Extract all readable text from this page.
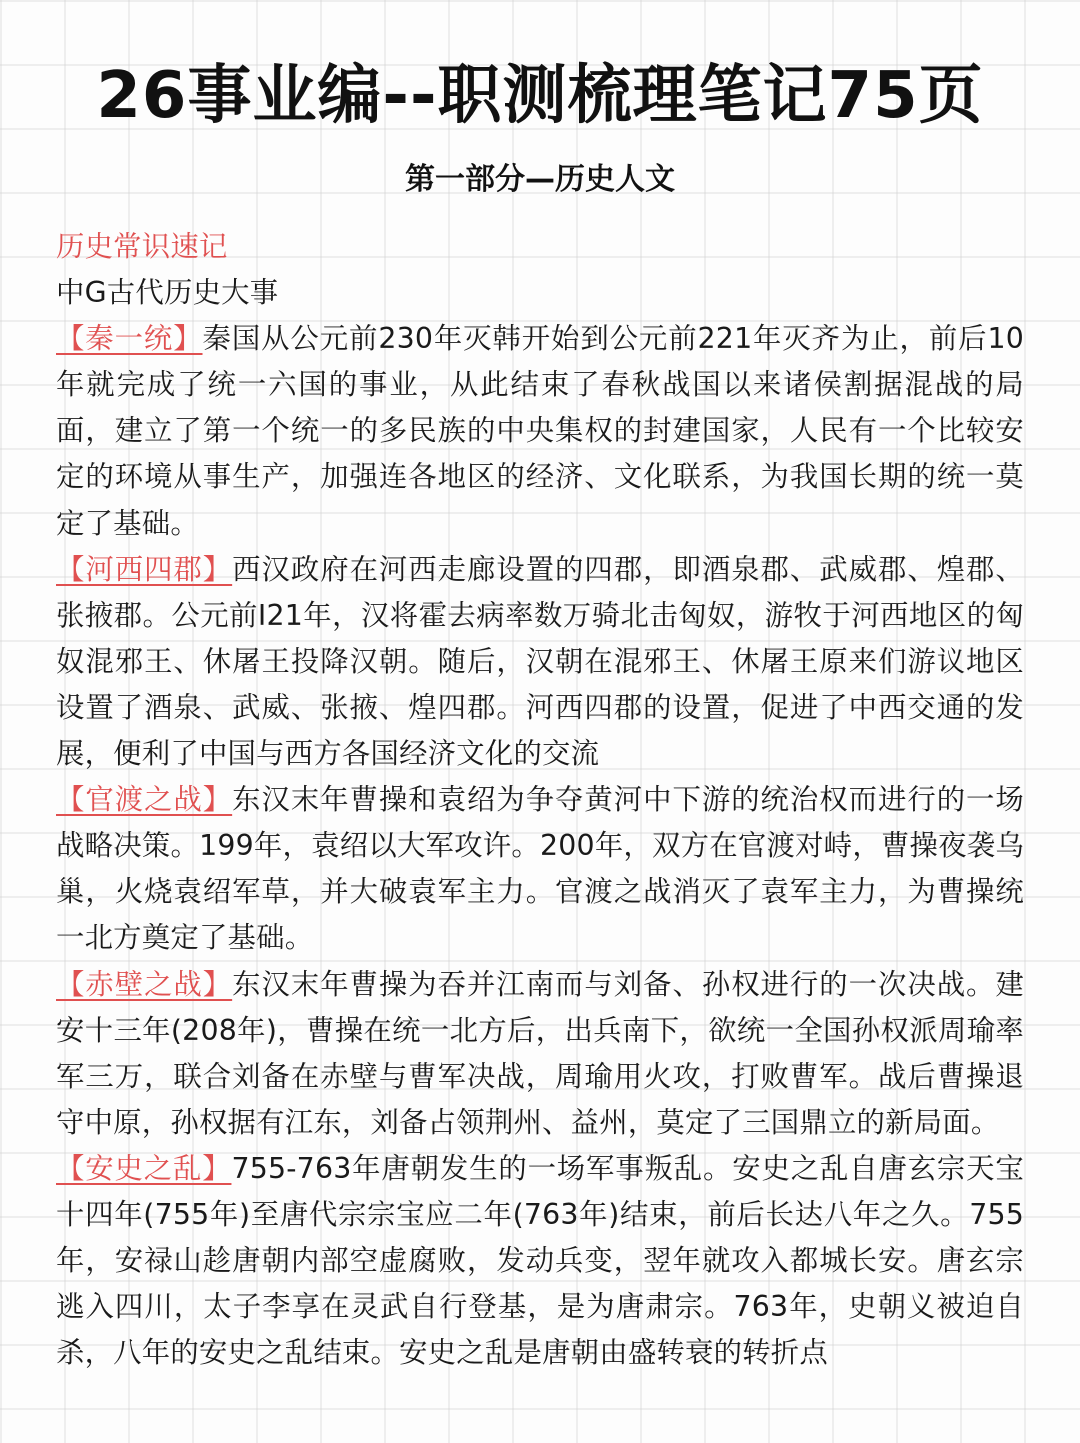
26事业编--职测梳理笔记75页
第一部分—历史人文

历史常识速记

中G古代历史大事

【秦一统】秦国从公元前230年灭韩开始到公元前221年灭齐为止，前后10年就完成了统一六国的事业，从此结束了春秋战国以来诸侯割据混战的局面，建立了第一个统一的多民族的中央集权的封建国家，人民有一个比较安定的环境从事生产，加强连各地区的经济、文化联系，为我国长期的统一莫定了基础。

【河西四郡】西汉政府在河西走廊设置的四郡，即酒泉郡、武威郡、煌郡、张掖郡。公元前I21年，汉将霍去病率数万骑北击匈奴，游牧于河西地区的匈奴混邪王、休屠王投降汉朝。随后，汉朝在混邪王、休屠王原来们游议地区设置了酒泉、武威、张掖、煌四郡。河西四郡的设置，促进了中西交通的发展，便利了中国与西方各国经济文化的交流

【官渡之战】东汉末年曹操和袁绍为争夺黄河中下游的统治权而进行的一场战略决策。199年，袁绍以大军攻许。200年，双方在官渡对峙，曹操夜袭乌巢，火烧袁绍军草，并大破袁军主力。官渡之战消灭了袁军主力，为曹操统一北方奠定了基础。

【赤壁之战】东汉末年曹操为吞并江南而与刘备、孙权进行的一次决战。建安十三年(208年)，曹操在统一北方后，出兵南下，欲统一全国孙权派周瑜率军三万，联合刘备在赤壁与曹军决战，周瑜用火攻，打败曹军。战后曹操退守中原，孙权据有江东，刘备占领荆州、益州，莫定了三国鼎立的新局面。

【安史之乱】755-763年唐朝发生的一场军事叛乱。安史之乱自唐玄宗天宝十四年(755年)至唐代宗宗宝应二年(763年)结束，前后长达八年之久。755年，安禄山趁唐朝内部空虚腐败，发动兵变，翌年就攻入都城长安。唐玄宗逃入四川，太子李享在灵武自行登基，是为唐肃宗。763年，史朝义被迫自杀，八年的安史之乱结束。安史之乱是唐朝由盛转衰的转折点
